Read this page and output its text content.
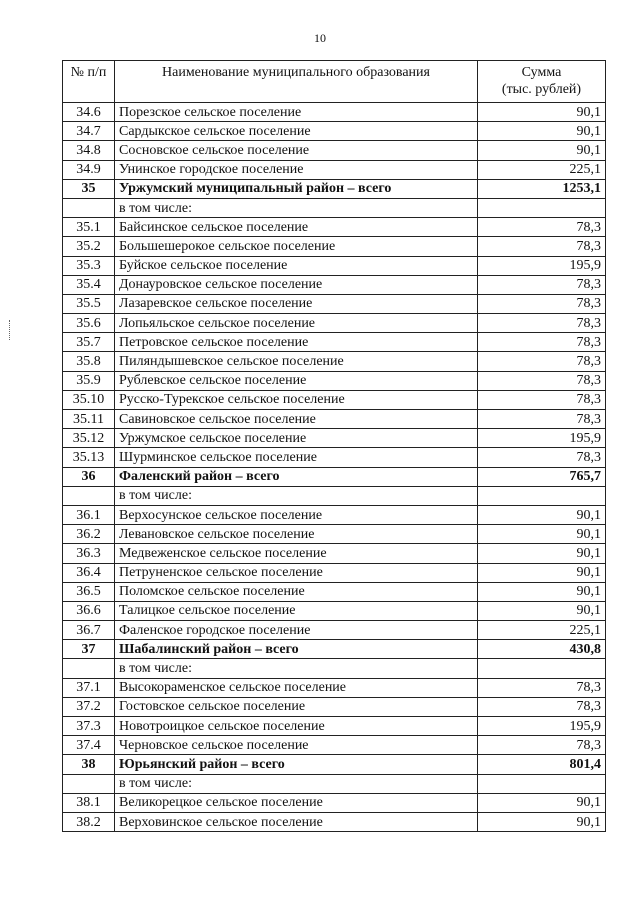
10
№ п/п	Наименование муниципального образования	Сумма
(тыс. рублей)

34.6	Порезское сельское поселение	90,1
34.7	Сардыкское сельское поселение	90,1
34.8	Сосновское сельское поселение	90,1
34.9	Унинское городское поселение	225,1
35	Уржумский муниципальный район – всего	1253,1
	в том числе:	
35.1	Байсинское сельское поселение	78,3
35.2	Большешерокое сельское поселение	78,3
35.3	Буйское сельское поселение	195,9
35.4	Донауровское сельское поселение	78,3
35.5	Лазаревское сельское поселение	78,3
35.6	Лопьяльское сельское поселение	78,3
35.7	Петровское сельское поселение	78,3
35.8	Пиляндышевское сельское поселение	78,3
35.9	Рублевское сельское поселение	78,3
35.10	Русско-Турекское сельское поселение	78,3
35.11	Савиновское сельское поселение	78,3
35.12	Уржумское сельское поселение	195,9
35.13	Шурминское сельское поселение	78,3
36	Фаленский район – всего	765,7
	в том числе:	
36.1	Верхосунское сельское поселение	90,1
36.2	Левановское сельское поселение	90,1
36.3	Медвеженское сельское поселение	90,1
36.4	Петруненское сельское поселение	90,1
36.5	Поломское сельское поселение	90,1
36.6	Талицкое сельское поселение	90,1
36.7	Фаленское городское поселение	225,1
37	Шабалинский район – всего	430,8
	в том числе:	
37.1	Высокораменское сельское поселение	78,3
37.2	Гостовское сельское поселение	78,3
37.3	Новотроицкое сельское поселение	195,9
37.4	Черновское сельское поселение	78,3
38	Юрьянский район – всего	801,4
	в том числе:	
38.1	Великорецкое сельское поселение	90,1
38.2	Верховинское сельское поселение	90,1
